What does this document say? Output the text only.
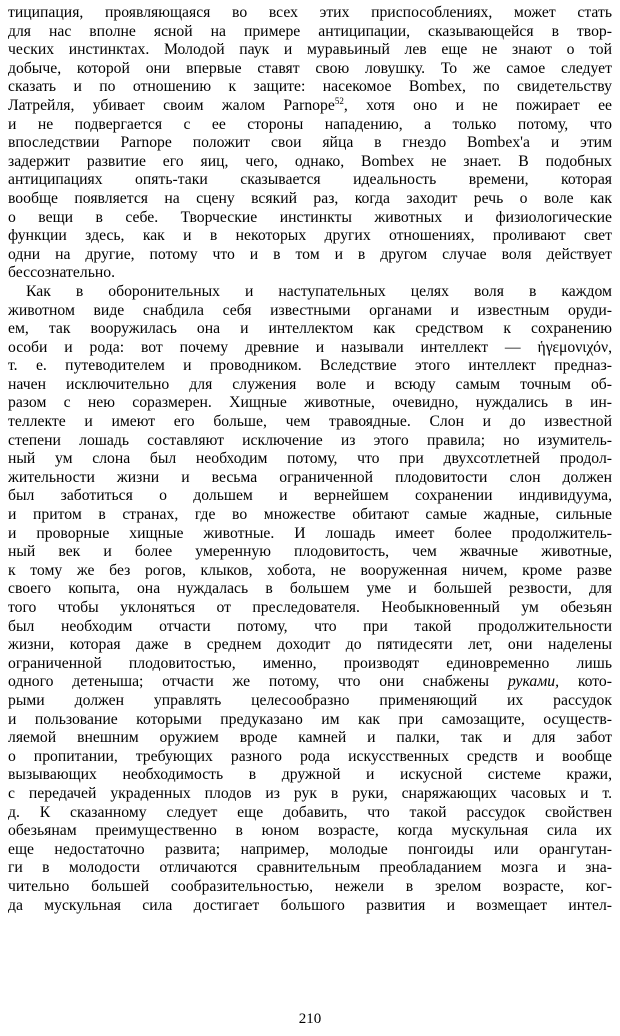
тиципация, проявляющаяся во всех этих приспособлениях, может стать
для нас вполне ясной на примере антиципации, сказывающейся в твор-
ческих инстинктах. Молодой паук и муравьиный лев еще не знают о той
добыче, которой они впервые ставят свою ловушку. То же самое следует
сказать и по отношению к защите: насекомое Bombex, по свидетельству
Латрейля, убивает своим жалом Parnope$^{52}$, хотя оно и не пожирает ее
и не подвергается с ее стороны нападению, а только потому, что
впоследствии Parnope положит свои яйца в гнездо Bombex'а и этим
задержит развитие его яиц, чего, однако, Bombex не знает. В подобных
антиципациях опять-таки сказывается идеальность времени, которая
вообще появляется на сцену всякий раз, когда заходит речь о воле как
о вещи в себе. Творческие инстинкты животных и физиологические
функции здесь, как и в некоторых других отношениях, проливают свет
одни на другие, потому что и в том и в другом случае воля действует
бессознательно.
Как в оборонительных и наступательных целях воля в каждом
животном виде снабдила себя известными органами и известным оруди-
ем, так вооружилась она и интеллектом как средством к сохранению
особи и рода: вот почему древние и называли интеллект — ἡγεμονιχόν,
т. е. путеводителем и проводником. Вследствие этого интеллект предназ-
начен исключительно для служения воле и всюду самым точным об-
разом с нею соразмерен. Хищные животные, очевидно, нуждались в ин-
теллекте и имеют его больше, чем травоядные. Слон и до известной
степени лошадь составляют исключение из этого правила; но изумитель-
ный ум слона был необходим потому, что при двухсотлетней продол-
жительности жизни и весьма ограниченной плодовитости слон должен
был заботиться о дольшем и вернейшем сохранении индивидуума,
и притом в странах, где во множестве обитают самые жадные, сильные
и проворные хищные животные. И лошадь имеет более продолжитель-
ный век и более умеренную плодовитость, чем жвачные животные,
к тому же без рогов, клыков, хобота, не вооруженная ничем, кроме разве
своего копыта, она нуждалась в большем уме и большей резвости, для
того чтобы уклоняться от преследователя. Необыкновенный ум обезьян
был необходим отчасти потому, что при такой продолжительности
жизни, которая даже в среднем доходит до пятидесяти лет, они наделены
ограниченной плодовитостью, именно, производят единовременно лишь
одного детеныша; отчасти же потому, что они снабжены руками, кото-
рыми должен управлять целесообразно применяющий их рассудок
и пользование которыми предуказано им как при самозащите, осуществ-
ляемой внешним оружием вроде камней и палки, так и для забот
о пропитании, требующих разного рода искусственных средств и вообще
вызывающих необходимость в дружной и искусной системе кражи,
с передачей украденных плодов из рук в руки, снаряжающих часовых и т.
д. К сказанному следует еще добавить, что такой рассудок свойствен
обезьянам преимущественно в юном возрасте, когда мускульная сила их
еще недостаточно развита; например, молодые понгоиды или орангутан-
ги в молодости отличаются сравнительным преобладанием мозга и зна-
чительно большей сообразительностью, нежели в зрелом возрасте, ког-
да мускульная сила достигает большого развития и возмещает интел-
210
